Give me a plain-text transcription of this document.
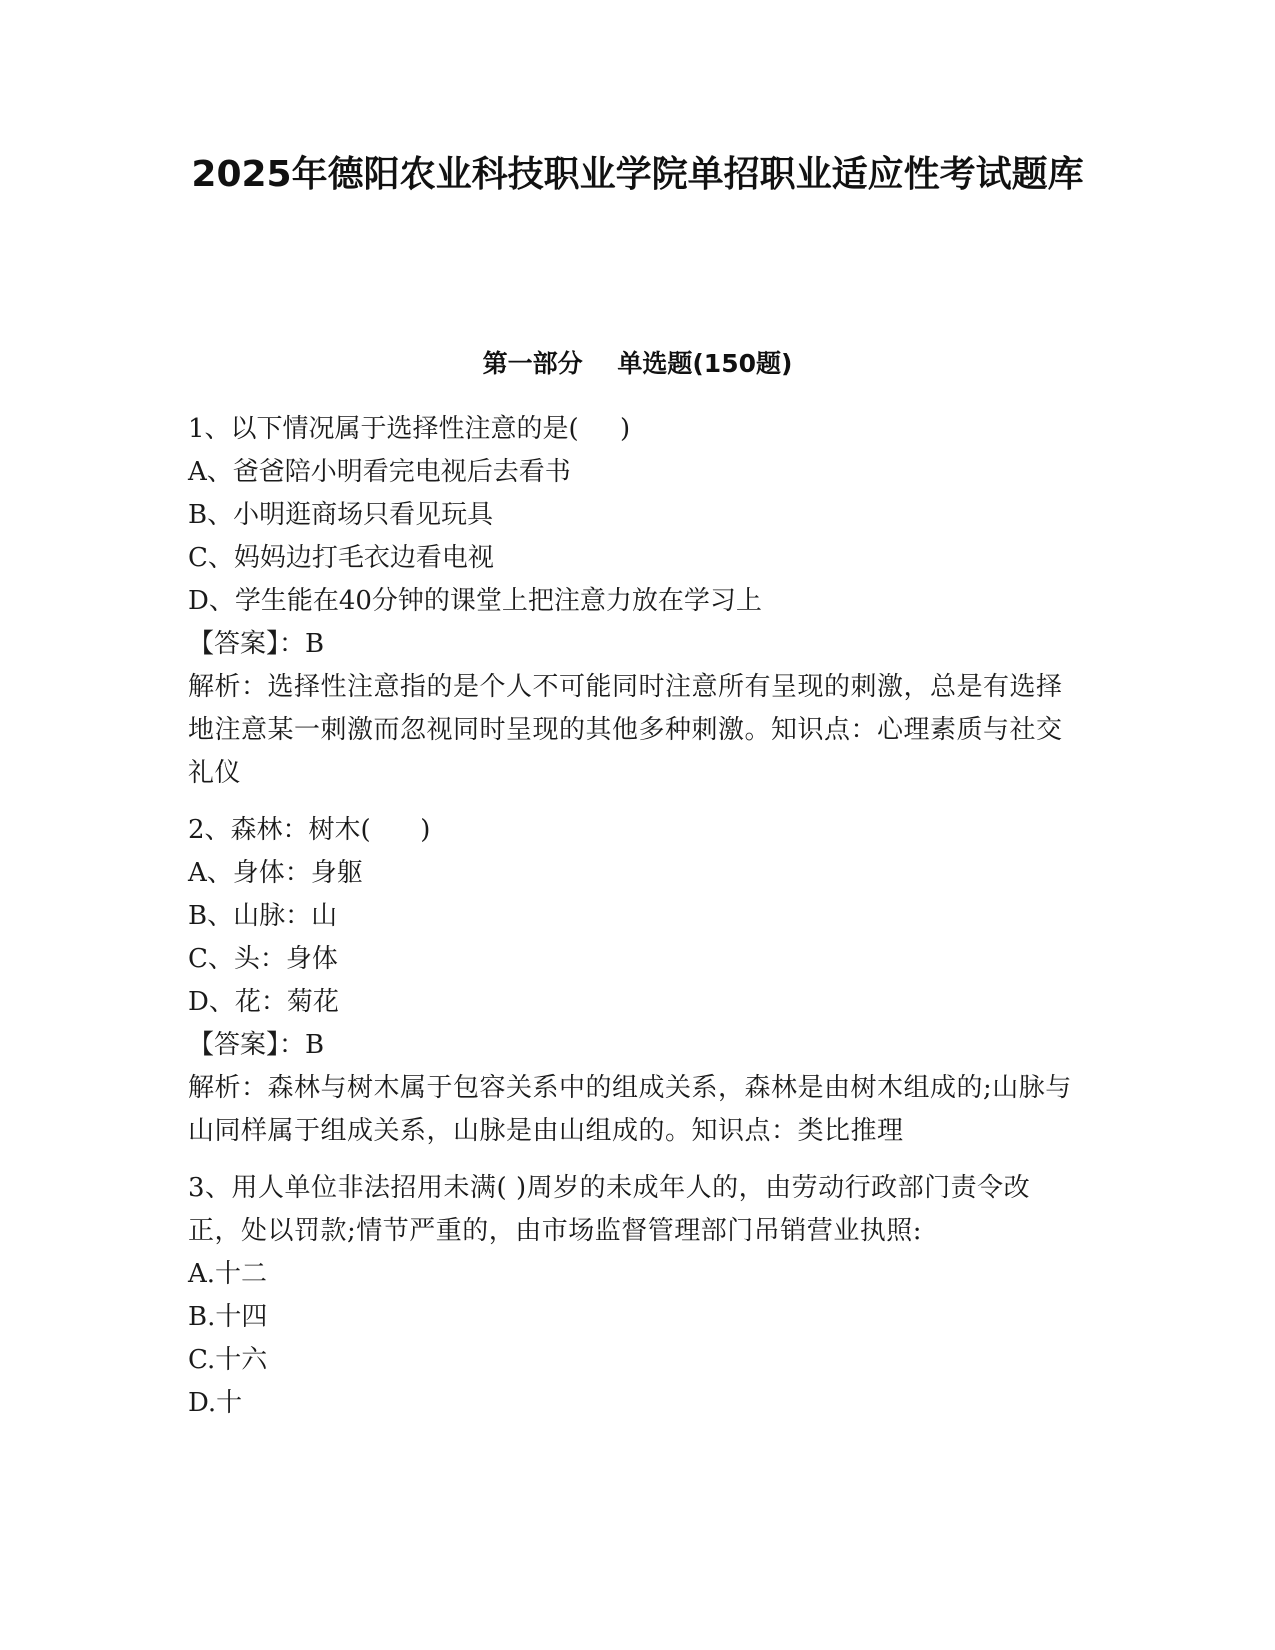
2025年德阳农业科技职业学院单招职业适应性考试题库
第一部分    单选题(150题)

1、以下情况属于选择性注意的是(     )

A、爸爸陪小明看完电视后去看书

B、小明逛商场只看见玩具

C、妈妈边打毛衣边看电视

D、学生能在40分钟的课堂上把注意力放在学习上

【答案】：B

解析：选择性注意指的是个人不可能同时注意所有呈现的刺激，总是有选择地注意某一刺激而忽视同时呈现的其他多种刺激。知识点：心理素质与社交礼仪

2、森林：树木(      )

A、身体：身躯

B、山脉：山

C、头：身体

D、花：菊花

【答案】：B

解析：森林与树木属于包容关系中的组成关系，森林是由树木组成的;山脉与山同样属于组成关系，山脉是由山组成的。知识点：类比推理

3、用人单位非法招用未满( )周岁的未成年人的，由劳动行政部门责令改正，处以罚款;情节严重的，由市场监督管理部门吊销营业执照:

A.十二

B.十四

C.十六

D.十
